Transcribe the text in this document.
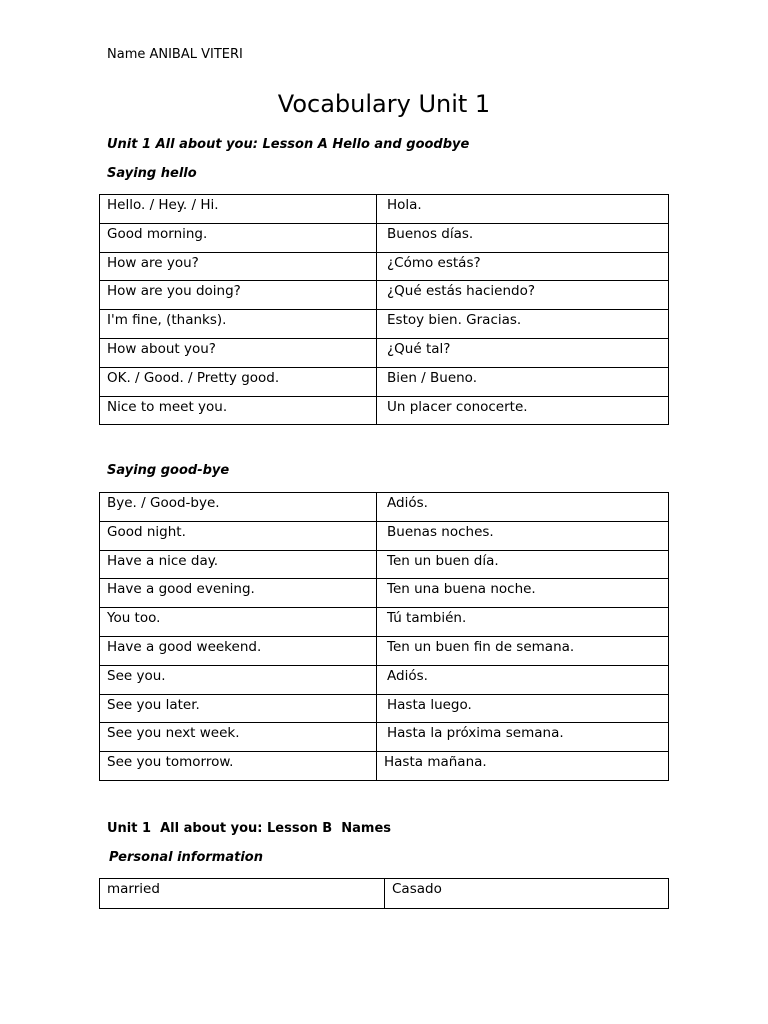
Name ANIBAL VITERI
Vocabulary Unit 1
Unit 1 All about you: Lesson A Hello and goodbye
Saying hello
Hello. / Hey. / Hi.	Hola.

Good morning.	Buenos días.

How are you?	¿Cómo estás?

How are you doing?	¿Qué estás haciendo?

I'm fine, (thanks).	Estoy bien. Gracias.

How about you?	¿Qué tal?

OK. / Good. / Pretty good.	Bien / Bueno.

Nice to meet you.	Un placer conocerte.
Saying good-bye
Bye. / Good-bye.	Adiós.

Good night.	Buenas noches.

Have a nice day.	Ten un buen día.

Have a good evening.	Ten una buena noche.

You too.	Tú también.

Have a good weekend.	Ten un buen fin de semana.

See you.	Adiós.

See you later.	Hasta luego.

See you next week.	Hasta la próxima semana.

See you tomorrow.	Hasta mañana.
Unit 1  All about you: Lesson B  Names
Personal information
married	Casado
